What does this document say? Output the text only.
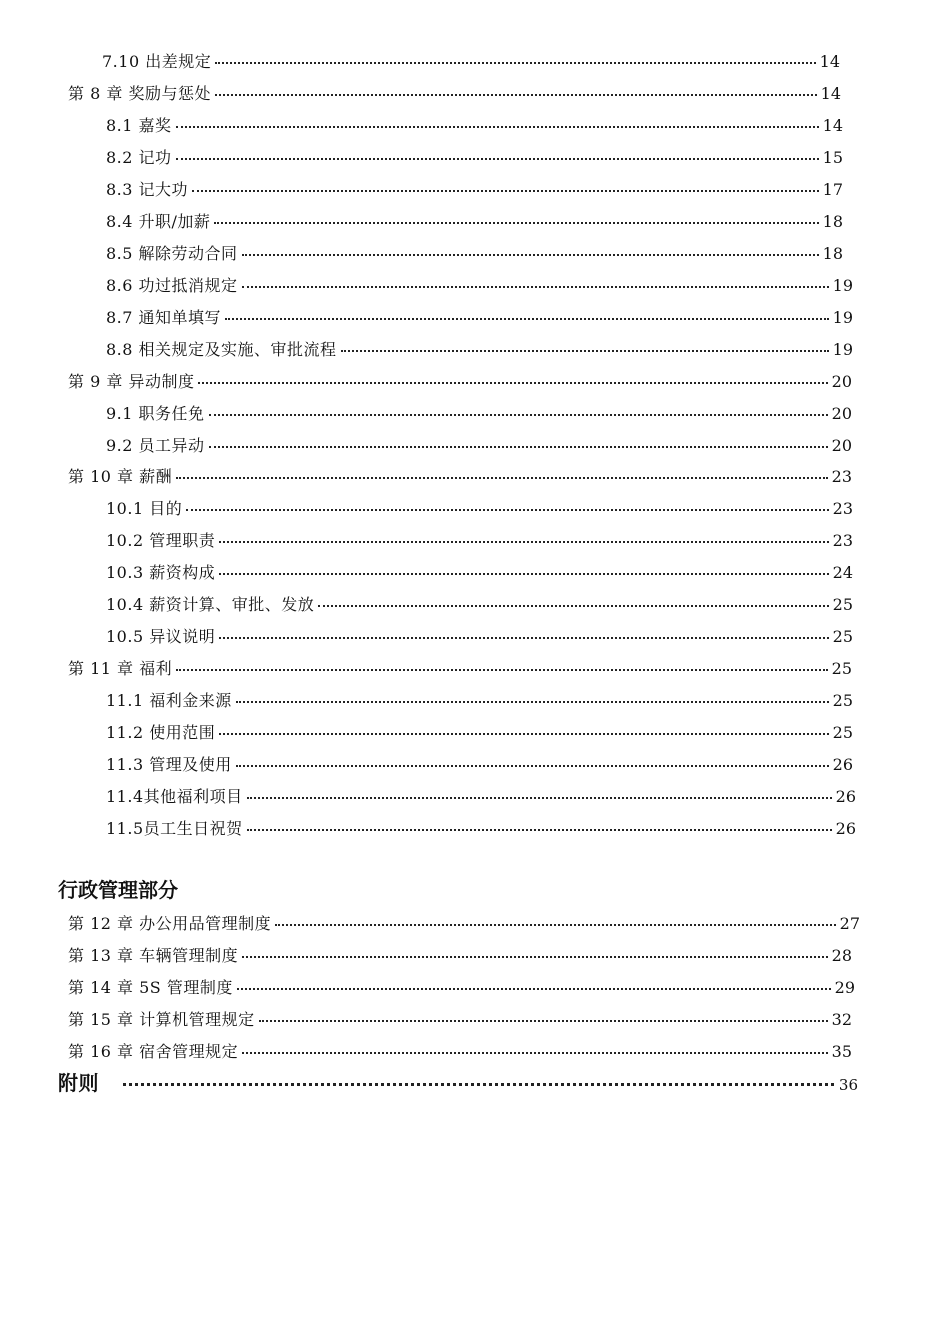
7.10 出差规定	14
第 8 章 奖励与惩处	14
8.1 嘉奖	14
8.2 记功	15
8.3 记大功	17
8.4 升职/加薪	18
8.5 解除劳动合同	18
8.6 功过抵消规定	19
8.7 通知单填写	19
8.8 相关规定及实施、审批流程	19
第 9 章 异动制度	20
9.1 职务任免	20
9.2 员工异动	20
第 10 章 薪酬	23
10.1 目的	23
10.2 管理职责	23
10.3 薪资构成	24
10.4 薪资计算、审批、发放	25
10.5 异议说明	25
第 11 章 福利	25
11.1 福利金来源	25
11.2 使用范围	25
11.3 管理及使用	26
11.4其他福利项目	26
11.5员工生日祝贺	26
行政管理部分
第 12 章 办公用品管理制度	27
第 13 章 车辆管理制度	28
第 14 章 5S 管理制度	29
第 15 章 计算机管理规定	32
第 16 章 宿舍管理规定	35
附则	36
